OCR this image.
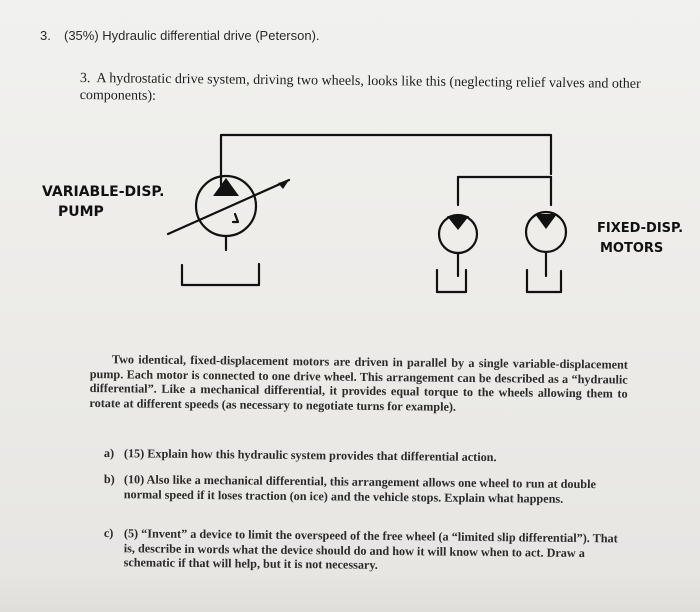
3. (35%) Hydraulic differential drive (Peterson).
3. A hydrostatic drive system, driving two wheels, looks like this (neglecting relief valves and other components):
VARIABLE-DISP.
PUMP
FIXED-DISP.
MOTORS
Two identical, fixed-displacement motors are driven in parallel by a single variable-displacement pump. Each motor is connected to one drive wheel. This arrangement can be described as a “hydraulic differential”. Like a mechanical differential, it provides equal torque to the wheels allowing them to rotate at different speeds (as necessary to negotiate turns for example).
a) (15) Explain how this hydraulic system provides that differential action.
b) (10) Also like a mechanical differential, this arrangement allows one wheel to run at double normal speed if it loses traction (on ice) and the vehicle stops. Explain what happens.
c) (5) “Invent” a device to limit the overspeed of the free wheel (a “limited slip differential”). That is, describe in words what the device should do and how it will know when to act. Draw a schematic if that will help, but it is not necessary.
